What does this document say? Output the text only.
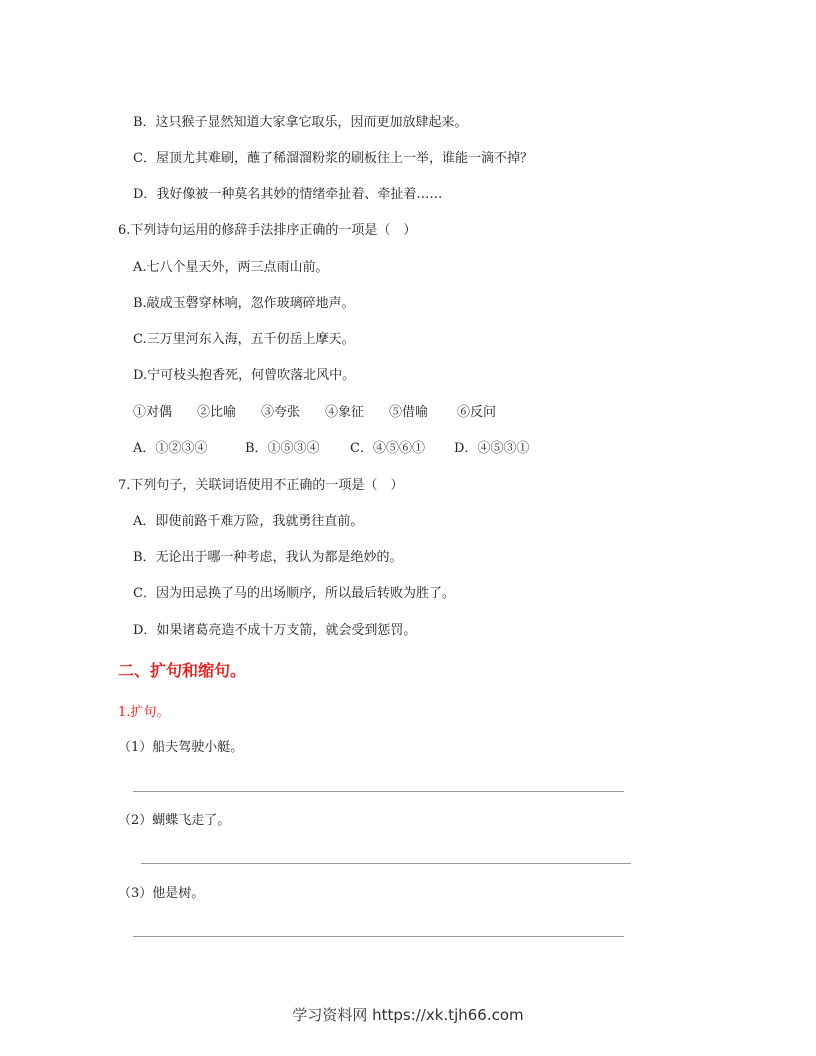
B．这只猴子显然知道大家拿它取乐，因而更加放肆起来。
C．屋顶尤其难刷，蘸了稀溜溜粉浆的刷板往上一举，谁能一滴不掉？
D．我好像被一种莫名其妙的情绪牵扯着、牵扯着……
6.下列诗句运用的修辞手法排序正确的一项是（　）
A.七八个星天外，两三点雨山前。
B.敲成玉磬穿林响，忽作玻璃碎地声。
C.三万里河东入海，五千仞岳上摩天。
D.宁可枝头抱香死，何曾吹落北风中。
①对偶 ②比喻 ③夸张 ④象征 ⑤借喻 ⑥反问
A．①②③④	B．①⑤③④ C．④⑤⑥① D．④⑤③①
7.下列句子，关联词语使用不正确的一项是（　）
A．即使前路千难万险，我就勇往直前。
B．无论出于哪一种考虑，我认为都是绝妙的。
C．因为田忌换了马的出场顺序，所以最后转败为胜了。
D．如果诸葛亮造不成十万支箭，就会受到惩罚。
二、扩句和缩句。
1.扩句。
（1）船夫驾驶小艇。
（2）蝴蝶飞走了。
（3）他是树。
学习资料网 https://xk.tjh66.com
